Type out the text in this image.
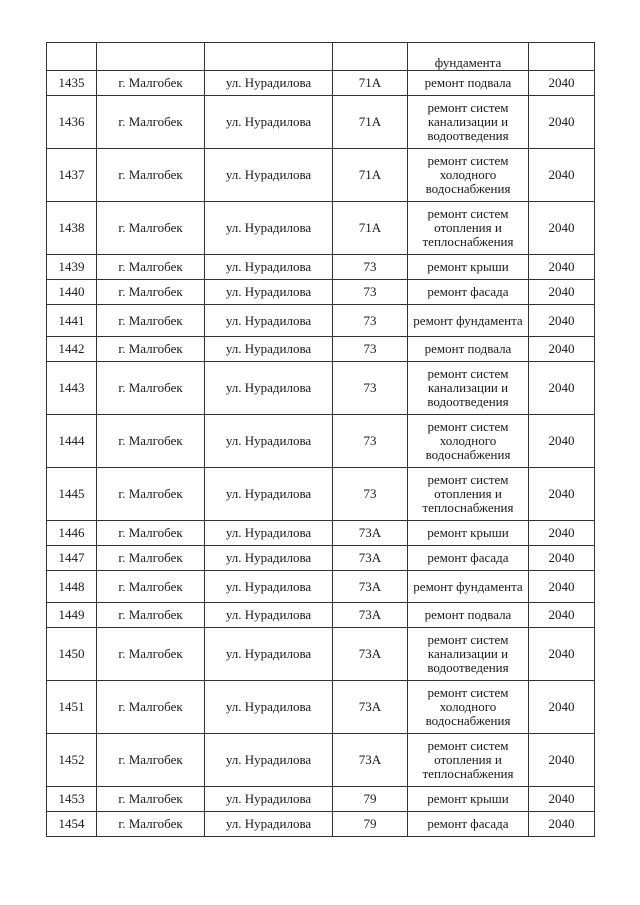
				фундамента	
1435	г. Малгобек	ул. Нурадилова	71А	ремонт подвала	2040
1436	г. Малгобек	ул. Нурадилова	71А	ремонт систем канализации и водоотведения	2040
1437	г. Малгобек	ул. Нурадилова	71А	ремонт систем холодного водоснабжения	2040
1438	г. Малгобек	ул. Нурадилова	71А	ремонт систем отопления и теплоснабжения	2040
1439	г. Малгобек	ул. Нурадилова	73	ремонт крыши	2040
1440	г. Малгобек	ул. Нурадилова	73	ремонт фасада	2040
1441	г. Малгобек	ул. Нурадилова	73	ремонт фундамента	2040
1442	г. Малгобек	ул. Нурадилова	73	ремонт подвала	2040
1443	г. Малгобек	ул. Нурадилова	73	ремонт систем канализации и водоотведения	2040
1444	г. Малгобек	ул. Нурадилова	73	ремонт систем холодного водоснабжения	2040
1445	г. Малгобек	ул. Нурадилова	73	ремонт систем отопления и теплоснабжения	2040
1446	г. Малгобек	ул. Нурадилова	73А	ремонт крыши	2040
1447	г. Малгобек	ул. Нурадилова	73А	ремонт фасада	2040
1448	г. Малгобек	ул. Нурадилова	73А	ремонт фундамента	2040
1449	г. Малгобек	ул. Нурадилова	73А	ремонт подвала	2040
1450	г. Малгобек	ул. Нурадилова	73А	ремонт систем канализации и водоотведения	2040
1451	г. Малгобек	ул. Нурадилова	73А	ремонт систем холодного водоснабжения	2040
1452	г. Малгобек	ул. Нурадилова	73А	ремонт систем отопления и теплоснабжения	2040
1453	г. Малгобек	ул. Нурадилова	79	ремонт крыши	2040
1454	г. Малгобек	ул. Нурадилова	79	ремонт фасада	2040
